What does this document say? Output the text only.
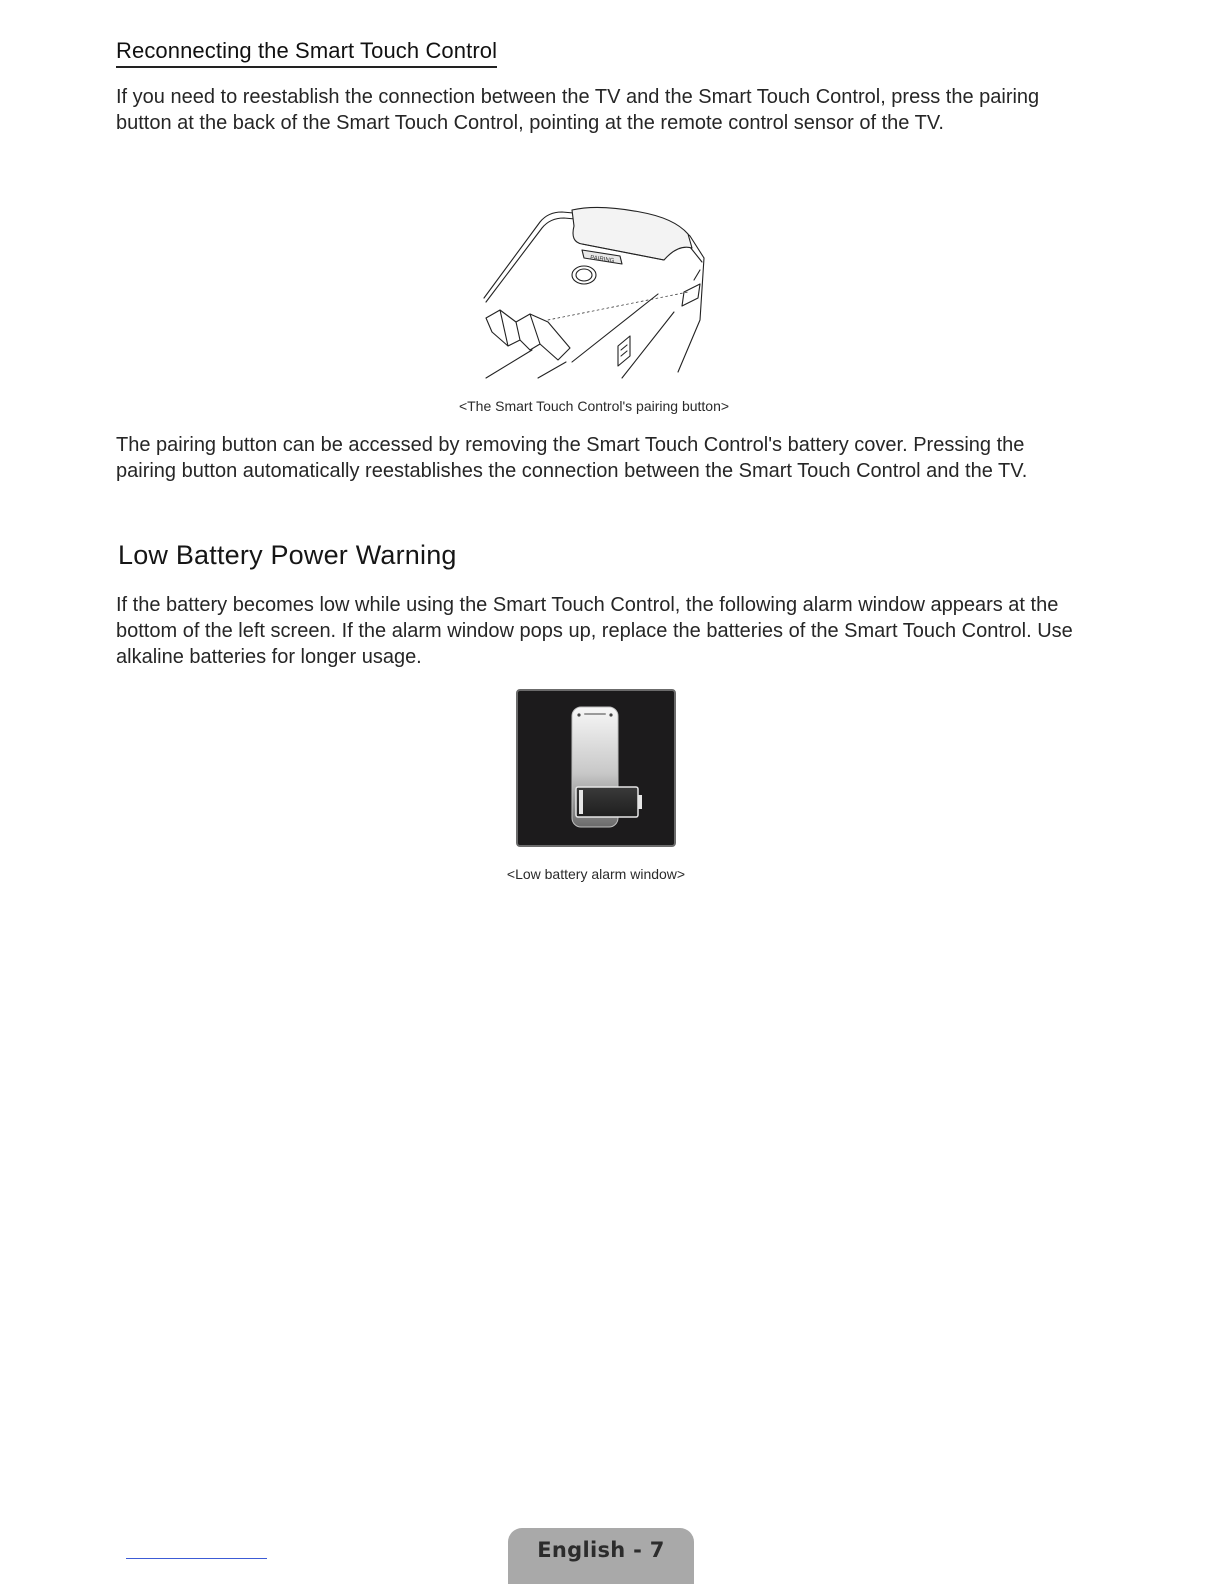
Reconnecting the Smart Touch Control

If you need to reestablish the connection between the TV and the Smart Touch Control, press the pairing button at the back of the Smart Touch Control, pointing at the remote control sensor of the TV.

PAIRING

<The Smart Touch Control's pairing button>

The pairing button can be accessed by removing the Smart Touch Control's battery cover. Pressing the pairing button automatically reestablishes the connection between the Smart Touch Control and the TV.

Low Battery Power Warning

If the battery becomes low while using the Smart Touch Control, the following alarm window appears at the bottom of the left screen. If the alarm window pops up, replace the batteries of the Smart Touch Control. Use alkaline batteries for longer usage.

<Low battery alarm window>

English - 7
